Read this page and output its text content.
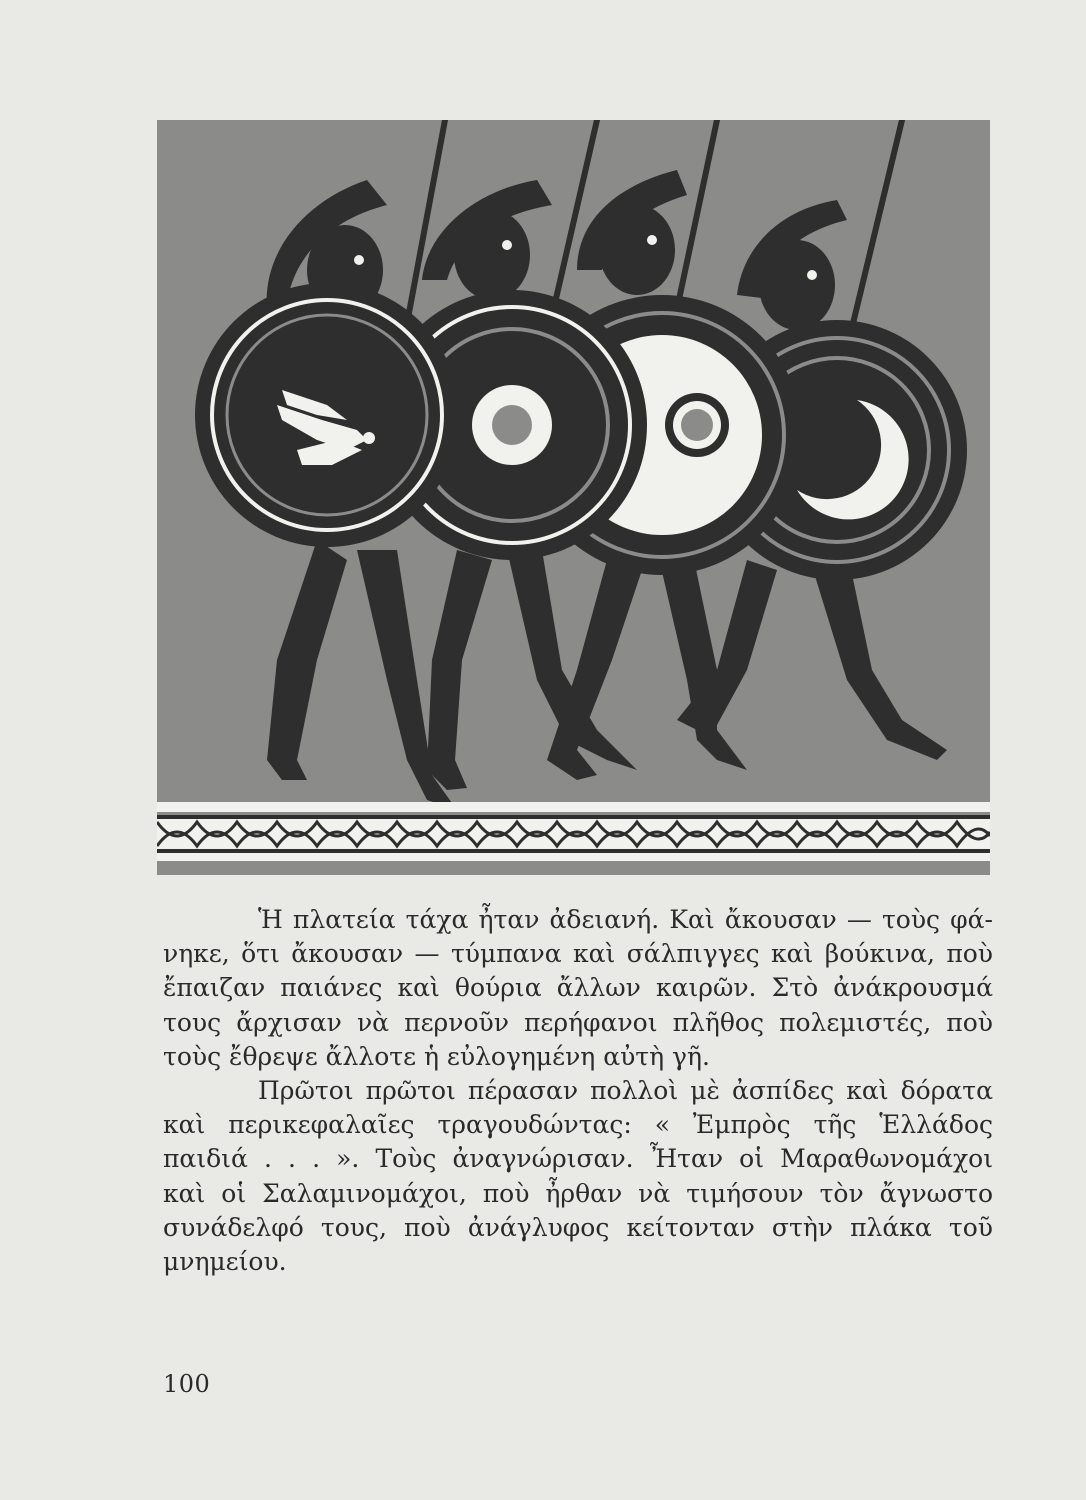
Ἡ πλατεία τάχα ἦταν ἀδειανή. Καὶ ἄκουσαν — τοὺς φά-
νηκε, ὅτι ἄκουσαν — τύμπανα καὶ σάλπιγγες καὶ βούκινα, ποὺ
ἔπαιζαν παιάνες καὶ θούρια ἄλλων καιρῶν. Στὸ ἀνάκρουσμά
τους ἄρχισαν νὰ περνοῦν περήφανοι πλῆθος πολεμιστές, ποὺ
τοὺς ἔθρεψε ἄλλοτε ἡ εὐλογημένη αὐτὴ γῆ.
Πρῶτοι πρῶτοι πέρασαν πολλοὶ μὲ ἀσπίδες καὶ δόρατα
καὶ περικεφαλαῖες τραγουδώντας: « Ἐμπρὸς τῆς Ἑλλάδος
παιδιά . . . ». Τοὺς ἀναγνώρισαν. Ἦταν οἱ Μαραθωνομάχοι
καὶ οἱ Σαλαμινομάχοι, ποὺ ἦρθαν νὰ τιμήσουν τὸν ἄγνωστο
συνάδελφό τους, ποὺ ἀνάγλυφος κείτονταν στὴν πλάκα τοῦ
μνημείου.
100
